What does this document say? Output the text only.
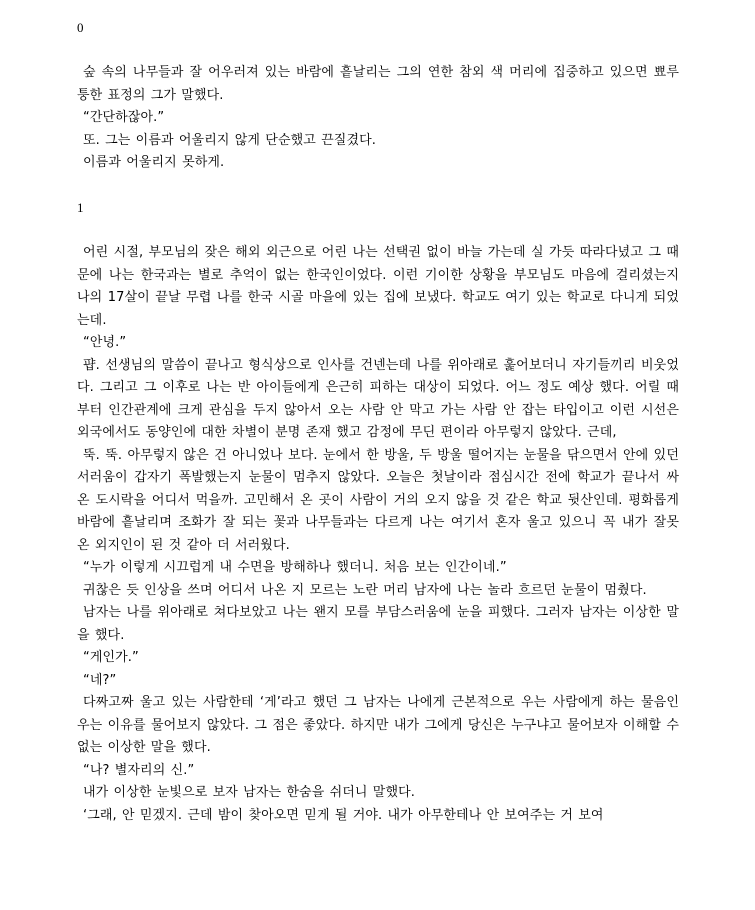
0

숲 속의 나무들과 잘 어우러져 있는 바람에 흩날리는 그의 연한 참외 색 머리에 집중하고 있으면 뾰루퉁한 표정의 그가 말했다.

“간단하잖아.”

또. 그는 이름과 어울리지 않게 단순했고 끈질겼다.

이름과 어울리지 못하게.

1

어린 시절, 부모님의 잦은 해외 외근으로 어린 나는 선택권 없이 바늘 가는데 실 가듯 따라다녔고 그 때문에 나는 한국과는 별로 추억이 없는 한국인이었다. 이런 기이한 상황을 부모님도 마음에 걸리셨는지 나의 17살이 끝날 무렵 나를 한국 시골 마을에 있는 집에 보냈다. 학교도 여기 있는 학교로 다니게 되었는데.

“안녕.”

퍕. 선생님의 말씀이 끝나고 형식상으로 인사를 건넨는데 나를 위아래로 훑어보더니 자기들끼리 비웃었다. 그리고 그 이후로 나는 반 아이들에게 은근히 피하는 대상이 되었다. 어느 정도 예상 했다. 어릴 때부터 인간관계에 크게 관심을 두지 않아서 오는 사람 안 막고 가는 사람 안 잡는 타입이고 이런 시선은 외국에서도 동양인에 대한 차별이 분명 존재 했고 감정에 무딘 편이라 아무렇지 않았다. 근데,

뚝. 뚝. 아무렇지 않은 건 아니었나 보다. 눈에서 한 방울, 두 방울 떨어지는 눈물을 닦으면서 안에 있던 서러움이 갑자기 폭발했는지 눈물이 멈추지 않았다. 오늘은 첫날이라 점심시간 전에 학교가 끝나서 싸 온 도시락을 어디서 먹을까. 고민해서 온 곳이 사람이 거의 오지 않을 것 같은 학교 뒷산인데. 평화롭게 바람에 흩날리며 조화가 잘 되는 꽃과 나무들과는 다르게 나는 여기서 혼자 울고 있으니 꼭 내가 잘못 온 외지인이 된 것 같아 더 서러웠다.

“누가 이렇게 시끄럽게 내 수면을 방해하나 했더니. 처음 보는 인간이네.”

귀찮은 듯 인상을 쓰며 어디서 나온 지 모르는 노란 머리 남자에 나는 놀라 흐르던 눈물이 멈췄다.

남자는 나를 위아래로 쳐다보았고 나는 왠지 모를 부담스러움에 눈을 피했다. 그러자 남자는 이상한 말을 했다.

“게인가.”

“네?”

다짜고짜 울고 있는 사람한테 ‘게’라고 했던 그 남자는 나에게 근본적으로 우는 사람에게 하는 물음인 우는 이유를 물어보지 않았다. 그 점은 좋았다. 하지만 내가 그에게 당신은 누구냐고 물어보자 이해할 수 없는 이상한 말을 했다.

“나? 별자리의 신.”

내가 이상한 눈빛으로 보자 남자는 한숨을 쉬더니 말했다.

‘그래, 안 믿겠지. 근데 밤이 찾아오면 믿게 될 거야. 내가 아무한테나 안 보여주는 거 보여
